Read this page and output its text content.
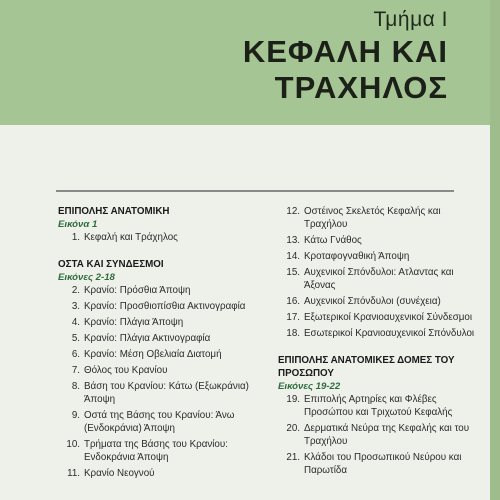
Τμήμα Ι
ΚΕΦΑΛΗ ΚΑΙ
ΤΡΑΧΗΛΟΣ
ΕΠΙΠΟΛΗΣ ΑΝΑΤΟΜΙΚΗ
Εικόνα 1
1. Κεφαλή και Τράχηλος
ΟΣΤΑ ΚΑΙ ΣΥΝΔΕΣΜΟΙ
Εικόνες 2-18
2. Κρανίο: Πρόσθια Άποψη
3. Κρανίο: Προσθιοπίσθια Ακτινογραφία
4. Κρανίο: Πλάγια Άποψη
5. Κρανίο: Πλάγια Ακτινογραφία
6. Κρανίο: Μέση Οβελιαία Διατομή
7. Θόλος του Κρανίου
8. Βάση του Κρανίου: Κάτω (Εξωκράνια) Άποψη
9. Οστά της Βάσης του Κρανίου: Άνω (Ενδοκράνια) Άποψη
10. Τρήματα της Βάσης του Κρανίου: Ενδοκράνια Άποψη
11. Κρανίο Νεογνού
12. Οστέινος Σκελετός Κεφαλής και Τραχήλου
13. Κάτω Γνάθος
14. Κροταφογναθική Άποψη
15. Αυχενικοί Σπόνδυλοι: Ατλαντας και Άξονας
16. Αυχενικοί Σπόνδυλοι (συνέχεια)
17. Εξωτερικοί Κρανιοαυχενικοί Σύνδεσμοι
18. Εσωτερικοί Κρανιοαυχενικοί Σπόνδυλοι
ΕΠΙΠΟΛΗΣ ΑΝΑΤΟΜΙΚΕΣ ΔΟΜΕΣ ΤΟΥ
ΠΡΟΣΩΠΟΥ
Εικόνες 19-22
19. Επιπολής Αρτηρίες και Φλέβες Προσώπου και Τριχωτού Κεφαλής
20. Δερματικά Νεύρα της Κεφαλής και του Τραχήλου
21. Κλάδοι του Προσωπικού Νεύρου και Παρωτίδα
